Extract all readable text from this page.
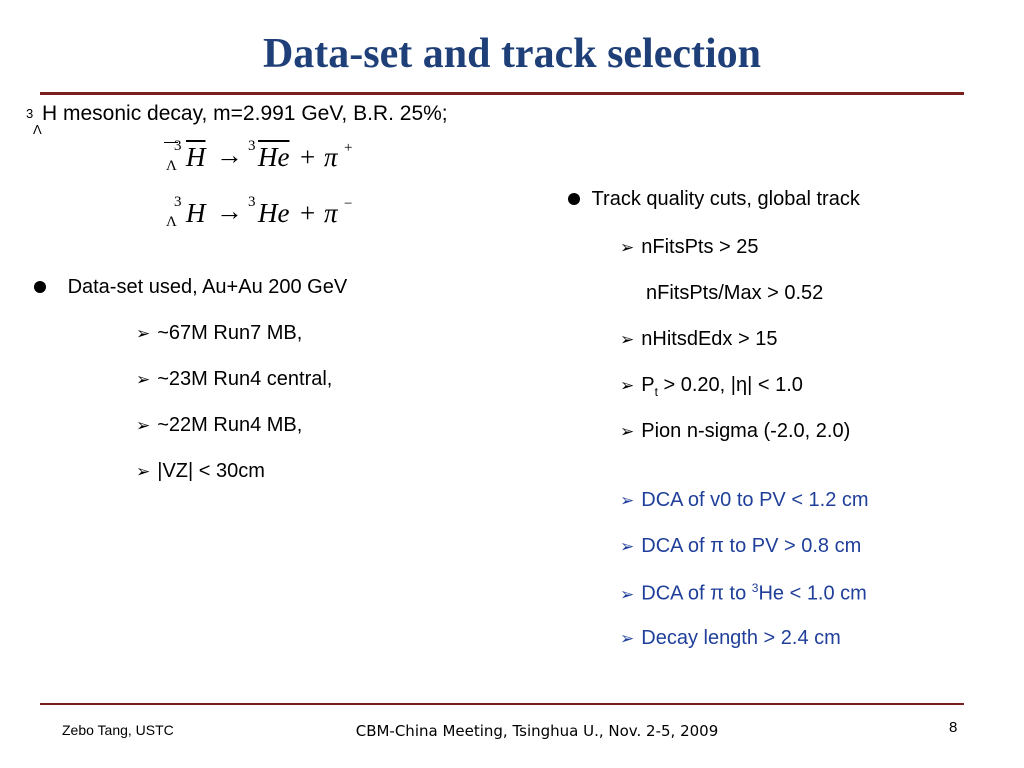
Data-set and track selection
3
Λ
H mesonic decay, m=2.991 GeV, B.R. 25%;
3
Λ $\overline{H} \to 3$ $\overline{He} + \pi$ +
3
Λ H → 3 He + π −
Data-set used, Au+Au 200 GeV
➢ ~67M Run7 MB,
➢ ~23M Run4 central,
➢ ~22M Run4 MB,
➢ |VZ| < 30cm
Track quality cuts, global track
➢ nFitsPts > 25
nFitsPts/Max > 0.52
➢ nHitsdEdx > 15
➢ $P_t > 0.20$, |η| < 1.0
➢ Pion n-sigma (-2.0, 2.0)
➢ DCA of v0 to PV < 1.2 cm
➢ DCA of π to PV > 0.8 cm
➢ DCA of π to $^3$He < 1.0 cm
➢ Decay length > 2.4 cm
Zebo Tang, USTC	CBM-China Meeting, Tsinghua U., Nov. 2-5, 2009	8
